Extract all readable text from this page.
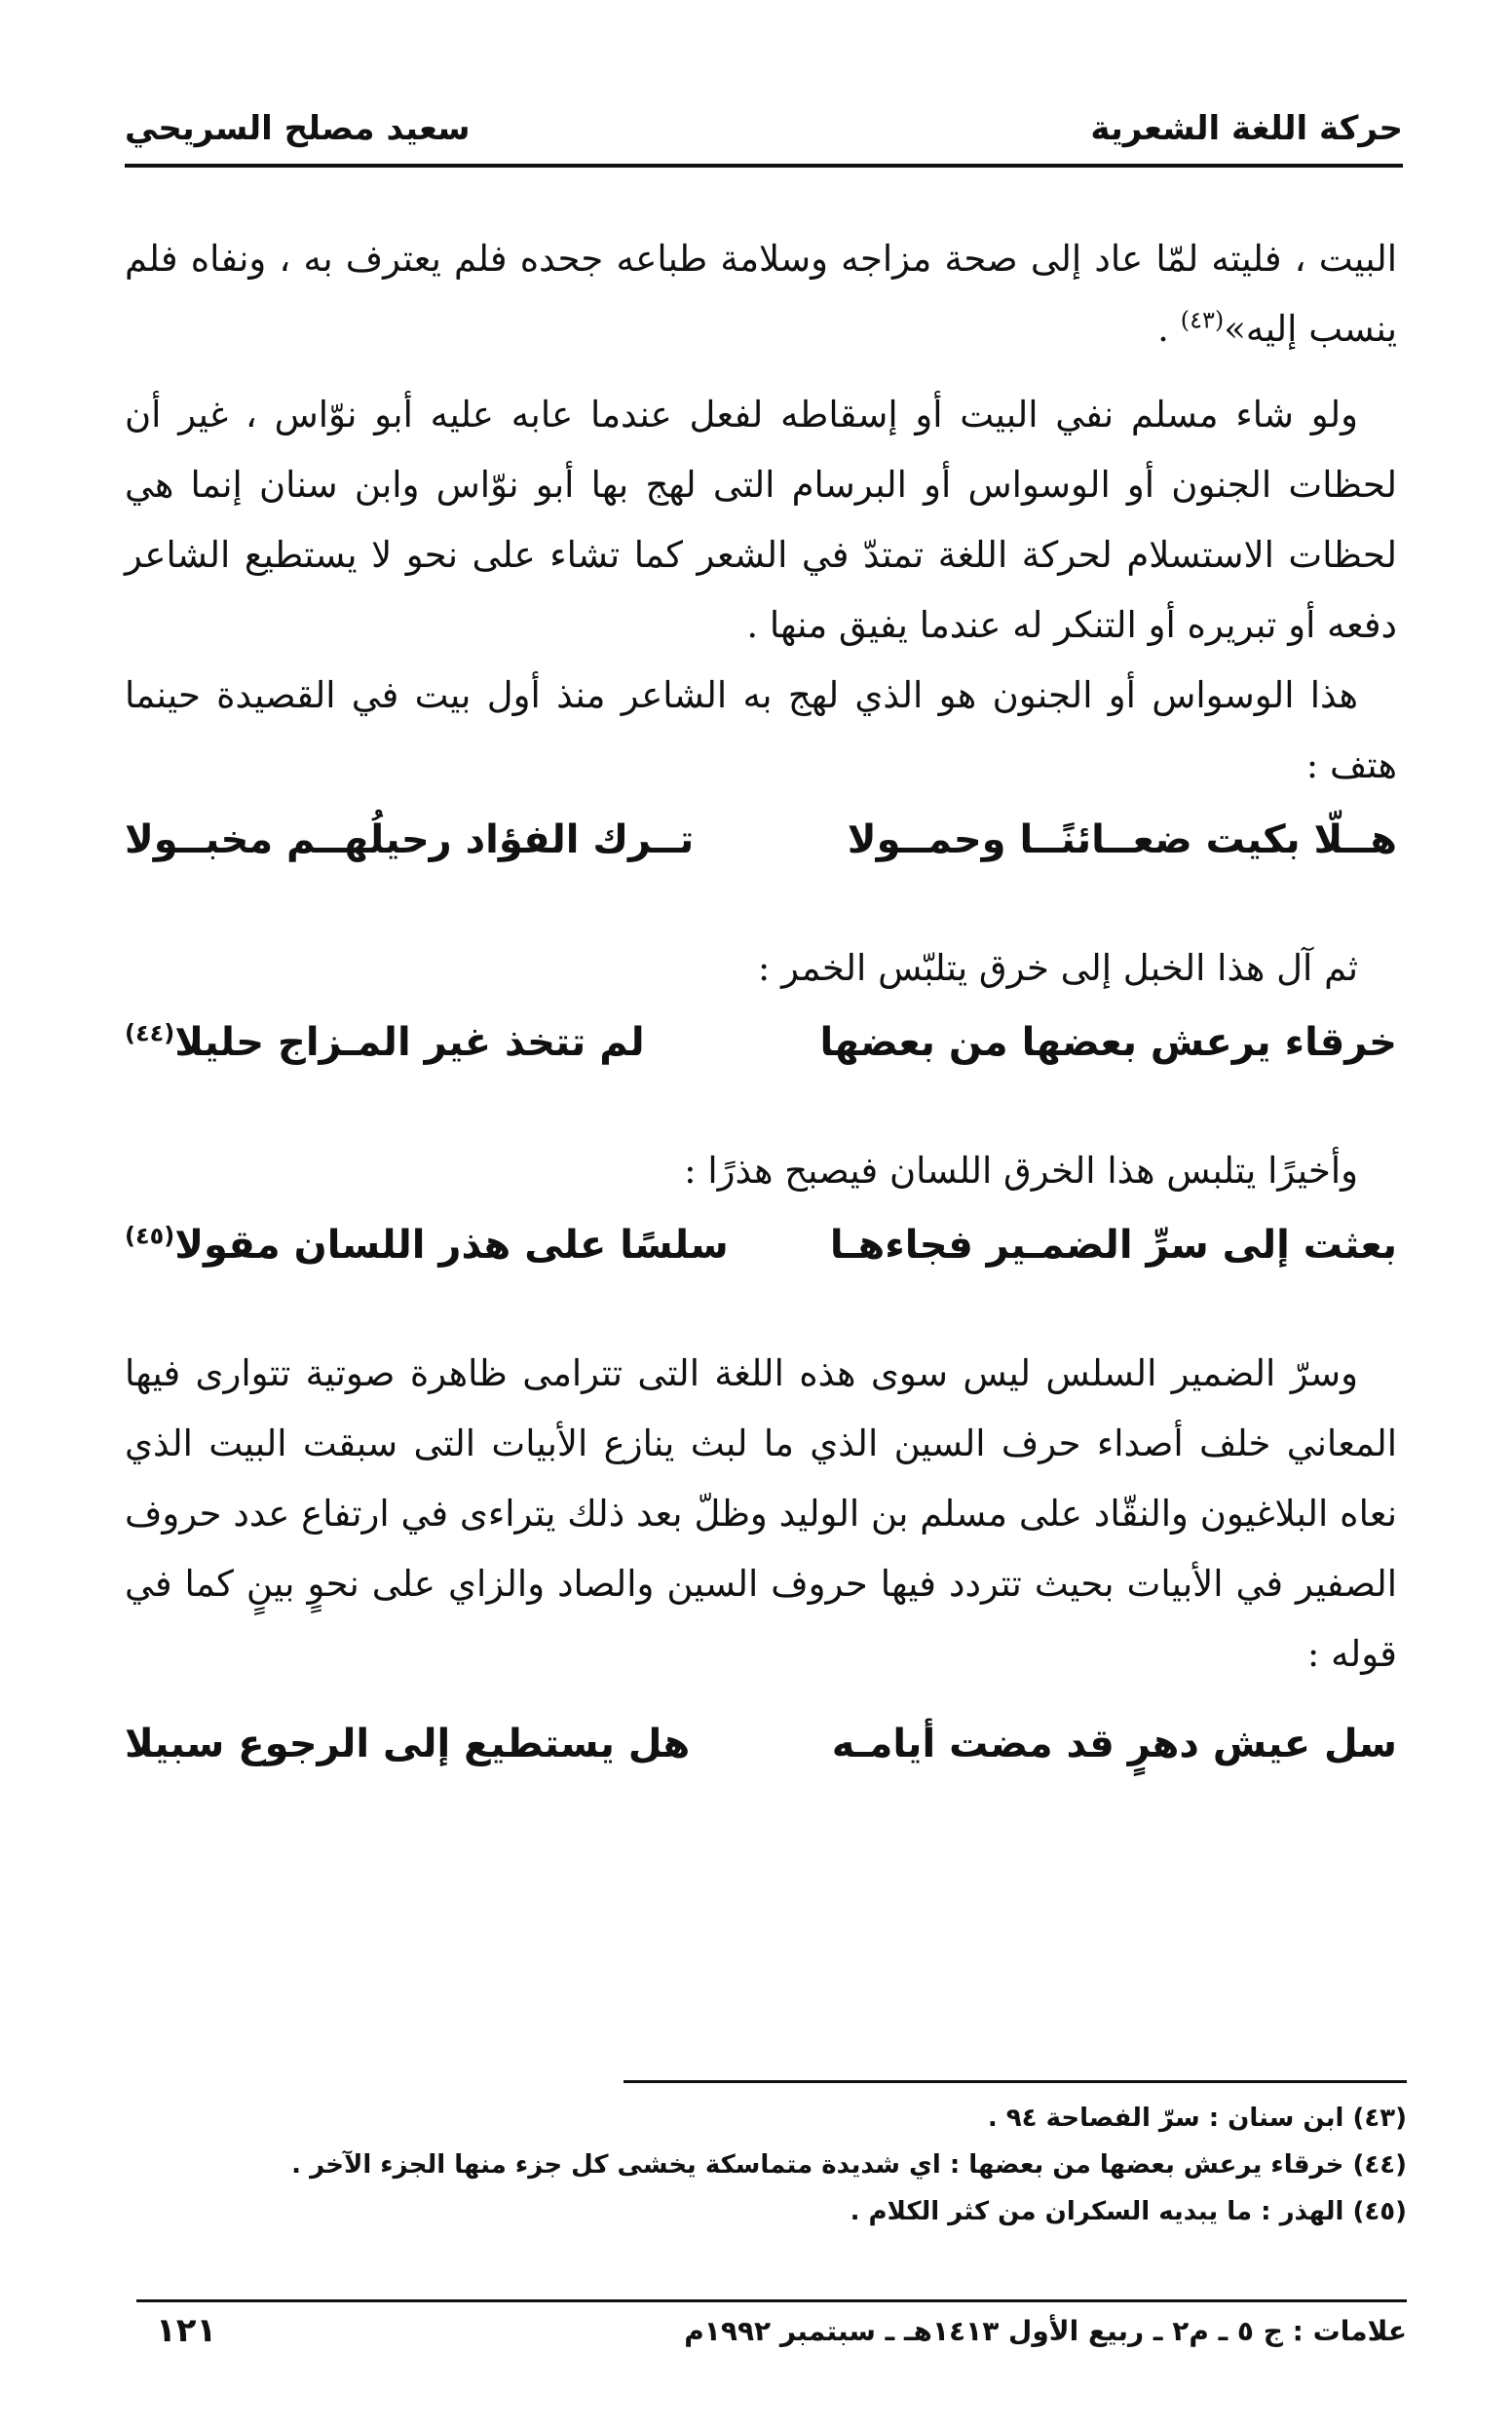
حركة اللغة الشعرية
سعيد مصلح السريحي

البيت ، فليته لمّا عاد إلى صحة مزاجه وسلامة طباعه جحده فلم يعترف به ، ونفاه فلم ينسب إليه»$^{(٤٣)}$ .

ولو شاء مسلم نفي البيت أو إسقاطه لفعل عندما عابه عليه أبو نوّاس ، غير أن لحظات الجنون أو الوسواس أو البرسام التى لهج بها أبو نوّاس وابن سنان إنما هي لحظات الاستسلام لحركة اللغة تمتدّ في الشعر كما تشاء على نحو لا يستطيع الشاعر دفعه أو تبريره أو التنكر له عندما يفيق منها .

هذا الوسواس أو الجنون هو الذي لهج به الشاعر منذ أول بيت في القصيدة حينما هتف :

هــلّا بكيت ضعــائنًــا وحمــولا
تــرك الفؤاد رحيلُهــم مخبــولا

ثم آل هذا الخبل إلى خرق يتلبّس الخمر :

خرقاء يرعش بعضها من بعضها
لم تتخذ غير المـزاج حليلا$^{(٤٤)}$

وأخيرًا يتلبس هذا الخرق اللسان فيصبح هذرًا :

بعثت إلى سرِّ الضمـير فجاءهـا
سلسًا على هذر اللسان مقولا$^{(٤٥)}$

وسرّ الضمير السلس ليس سوى هذه اللغة التى تترامى ظاهرة صوتية تتوارى فيها المعاني خلف أصداء حرف السين الذي ما لبث ينازع الأبيات التى سبقت البيت الذي نعاه البلاغيون والنقّاد على مسلم بن الوليد وظلّ بعد ذلك يتراءى في ارتفاع عدد حروف الصفير في الأبيات بحيث تتردد فيها حروف السين والصاد والزاي على نحوٍ بينٍ كما في قوله :

سل عيش دهرٍ قد مضت أيامـه
هل يستطيع إلى الرجوع سبيلا
(٤٣) ابن سنان : سرّ الفصاحة ٩٤ .
(٤٤) خرقاء يرعش بعضها من بعضها : اي شديدة متماسكة يخشى كل جزء منها الجزء الآخر .
(٤٥) الهذر : ما يبديه السكران من كثر الكلام .
علامات : ج ٥ ـ م٢ ـ ربيع الأول ١٤١٣هـ ـ سبتمبر ١٩٩٢م
١٢١
